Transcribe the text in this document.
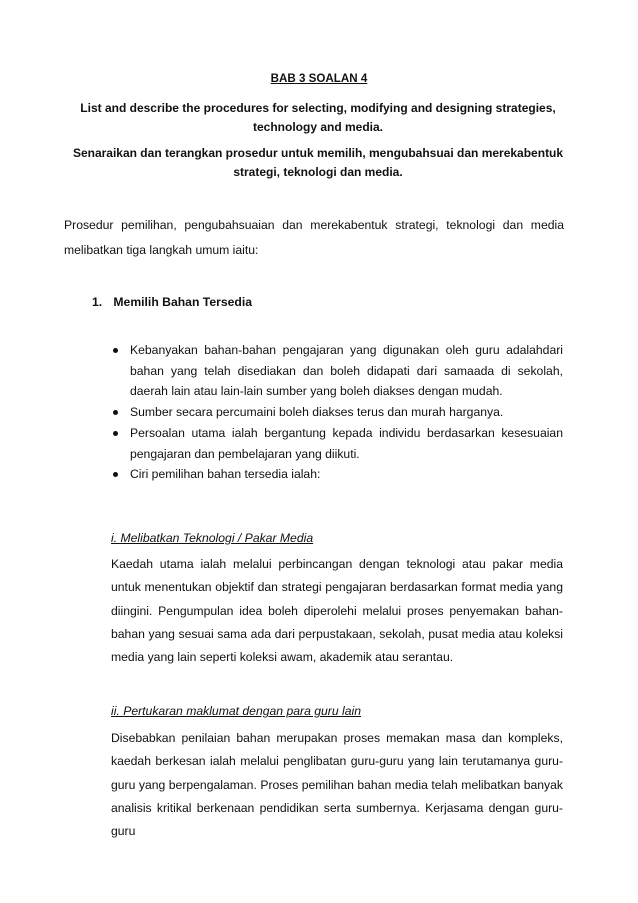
BAB 3 SOALAN 4
List and describe the procedures for selecting, modifying and designing strategies, technology and media.
Senaraikan dan terangkan prosedur untuk memilih, mengubahsuai dan merekabentuk strategi, teknologi dan media.
Prosedur pemilihan, pengubahsuaian dan merekabentuk strategi, teknologi dan media melibatkan tiga langkah umum iaitu:
1. Memilih Bahan Tersedia
Kebanyakan bahan-bahan pengajaran yang digunakan oleh guru adalahdari bahan yang telah disediakan dan boleh didapati dari samaada di sekolah, daerah lain atau lain-lain sumber yang boleh diakses dengan mudah.
Sumber secara percumaini boleh diakses terus dan murah harganya.
Persoalan utama ialah bergantung kepada individu berdasarkan kesesuaian pengajaran dan pembelajaran yang diikuti.
Ciri pemilihan bahan tersedia ialah:
i. Melibatkan Teknologi / Pakar Media
Kaedah utama ialah melalui perbincangan dengan teknologi atau pakar media untuk menentukan objektif dan strategi pengajaran berdasarkan format media yang diingini. Pengumpulan idea boleh diperolehi melalui proses penyemakan bahan-bahan yang sesuai sama ada dari perpustakaan, sekolah, pusat media atau koleksi media yang lain seperti koleksi awam, akademik atau serantau.
ii. Pertukaran maklumat dengan para guru lain
Disebabkan penilaian bahan merupakan proses memakan masa dan kompleks, kaedah berkesan ialah melalui penglibatan guru-guru yang lain terutamanya guru-guru yang berpengalaman. Proses pemilihan bahan media telah melibatkan banyak analisis kritikal berkenaan pendidikan serta sumbernya. Kerjasama dengan guru-guru
